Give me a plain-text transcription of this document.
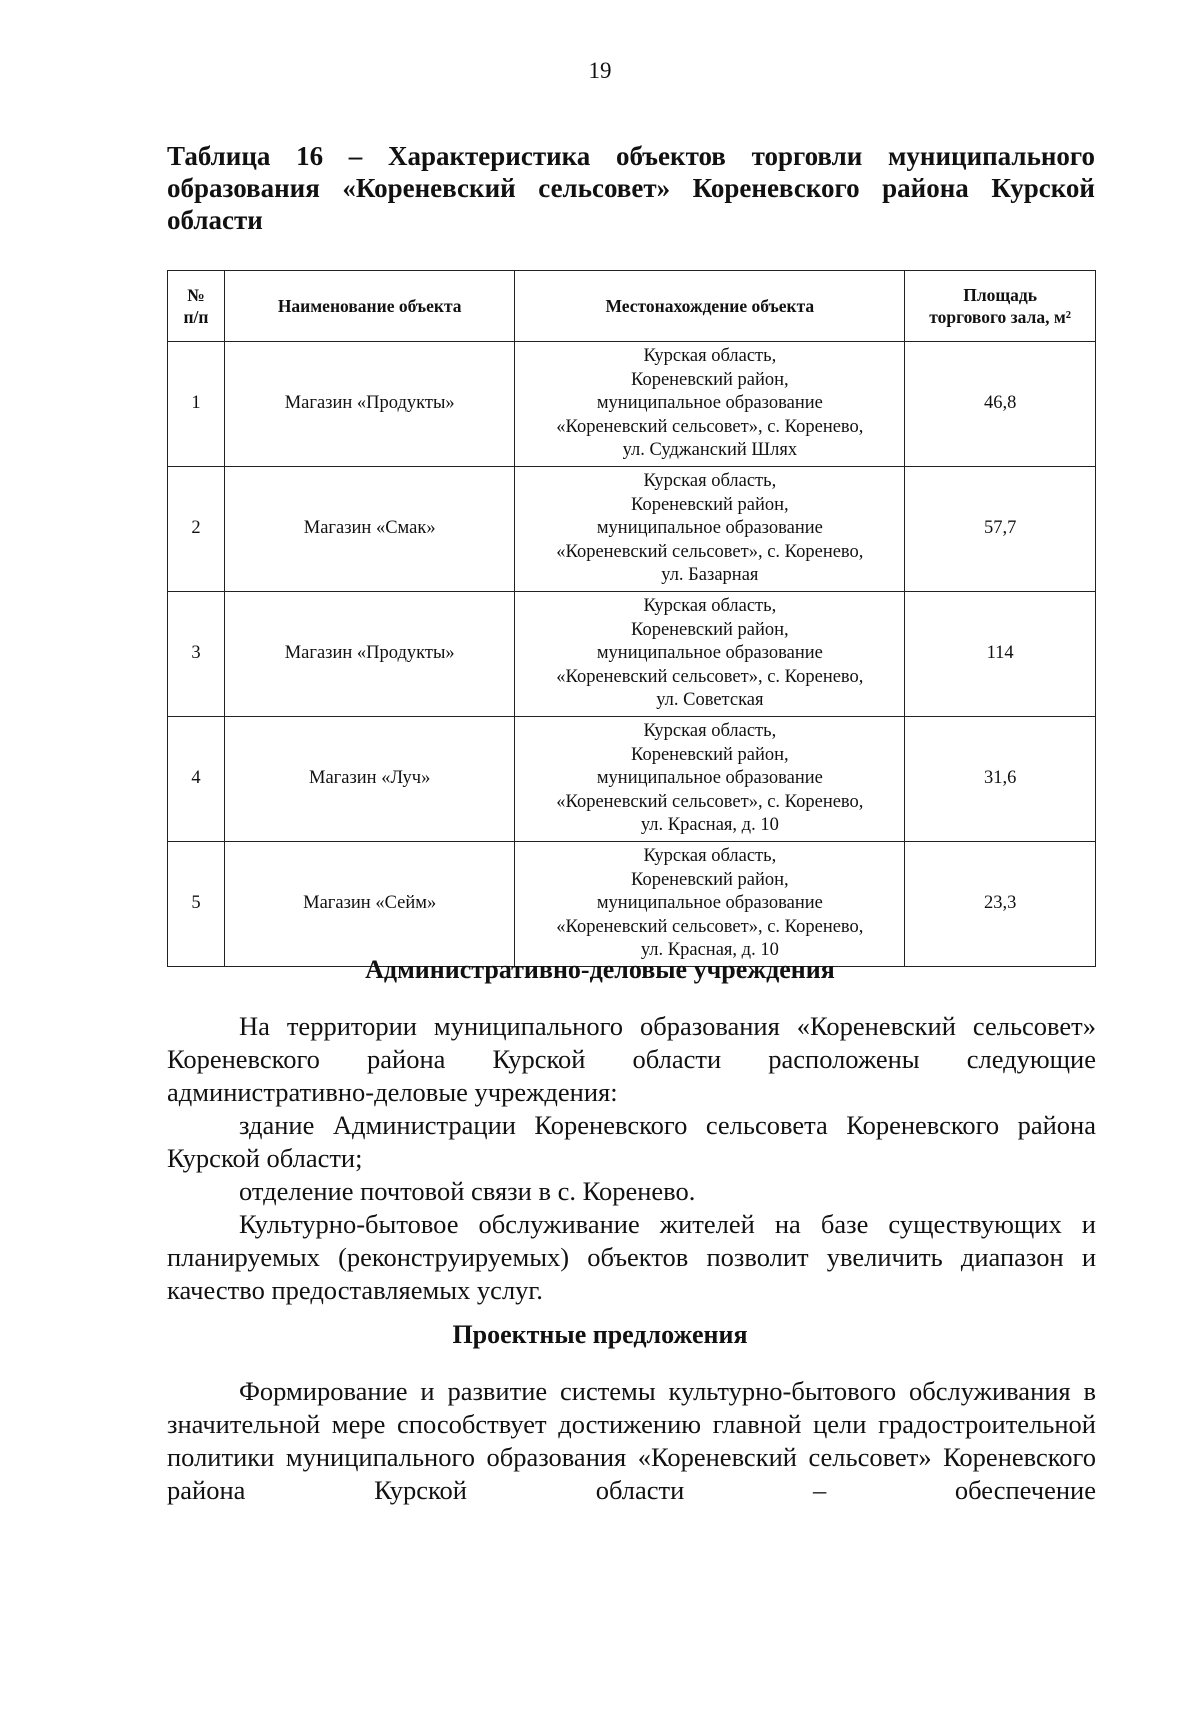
19
Таблица 16 – Характеристика объектов торговли муниципального образования «Кореневский сельсовет» Кореневского района Курской области
№
п/п	Наименование объекта	Местонахождение объекта	Площадь
торгового зала, м²

1	Магазин «Продукты»	Курская область,
Кореневский район,
муниципальное образование
«Кореневский сельсовет», с. Коренево,
ул. Суджанский Шлях	46,8
2	Магазин «Смак»	Курская область,
Кореневский район,
муниципальное образование
«Кореневский сельсовет», с. Коренево,
ул. Базарная	57,7
3	Магазин «Продукты»	Курская область,
Кореневский район,
муниципальное образование
«Кореневский сельсовет», с. Коренево,
ул. Советская	114
4	Магазин «Луч»	Курская область,
Кореневский район,
муниципальное образование
«Кореневский сельсовет», с. Коренево,
ул. Красная, д. 10	31,6
5	Магазин «Сейм»	Курская область,
Кореневский район,
муниципальное образование
«Кореневский сельсовет», с. Коренево,
ул. Красная, д. 10	23,3
Административно-деловые учреждения
На территории муниципального образования «Кореневский сельсовет» Кореневского района Курской области расположены следующие административно-деловые учреждения:
здание Администрации Кореневского сельсовета Кореневского района Курской области;
отделение почтовой связи в с. Коренево.
Культурно-бытовое обслуживание жителей на базе существующих и планируемых (реконструируемых) объектов позволит увеличить диапазон и качество предоставляемых услуг.
Проектные предложения
Формирование и развитие системы культурно-бытового обслуживания в значительной мере способствует достижению главной цели градостроительной политики муниципального образования «Кореневский сельсовет» Кореневского района Курской области – обеспечение
